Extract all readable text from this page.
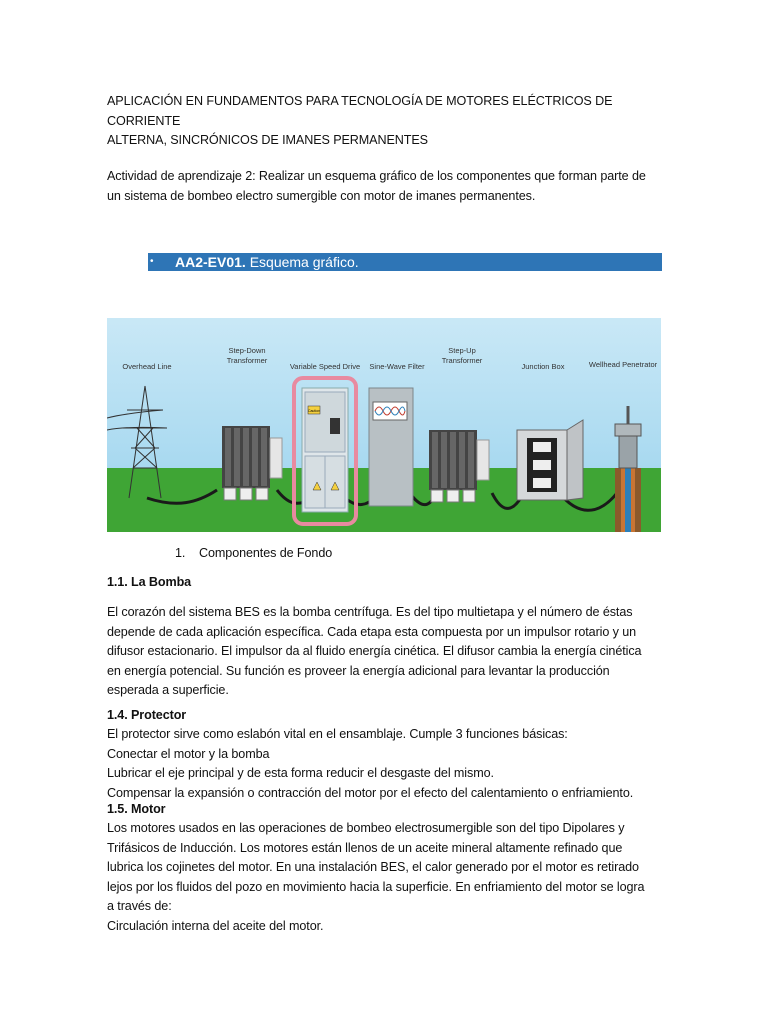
APLICACIÓN EN FUNDAMENTOS PARA TECNOLOGÍA DE MOTORES ELÉCTRICOS DE CORRIENTE
ALTERNA, SINCRÓNICOS DE IMANES PERMANENTES
Actividad de aprendizaje 2: Realizar un esquema gráfico de los componentes que forman parte de
un sistema de bombeo electro sumergible con motor de imanes permanentes.
• AA2-EV01. Esquema gráfico.
Overhead Line
Step-Down
Transformer
Variable Speed Drive Sine-Wave Filter
Step-Up
Transformer
Junction Box	Wellhead Penetrator
Caution
1. Componentes de Fondo
1.1. La Bomba
El corazón del sistema BES es la bomba centrífuga. Es del tipo multietapa y el número de éstas
depende de cada aplicación específica. Cada etapa esta compuesta por un impulsor rotario y un
difusor estacionario. El impulsor da al fluido energía cinética. El difusor cambia la energía cinética
en energía potencial. Su función es proveer la energía adicional para levantar la producción
esperada a superficie.
1.4. Protector
El protector sirve como eslabón vital en el ensamblaje. Cumple 3 funciones básicas:
Conectar el motor y la bomba
Lubricar el eje principal y de esta forma reducir el desgaste del mismo.
Compensar la expansión o contracción del motor por el efecto del calentamiento o enfriamiento.
1.5. Motor
Los motores usados en las operaciones de bombeo electrosumergible son del tipo Dipolares y
Trifásicos de Inducción. Los motores están llenos de un aceite mineral altamente refinado que
lubrica los cojinetes del motor. En una instalación BES, el calor generado por el motor es retirado
lejos por los fluidos del pozo en movimiento hacia la superficie. En enfriamiento del motor se logra
a través de:
Circulación interna del aceite del motor.
